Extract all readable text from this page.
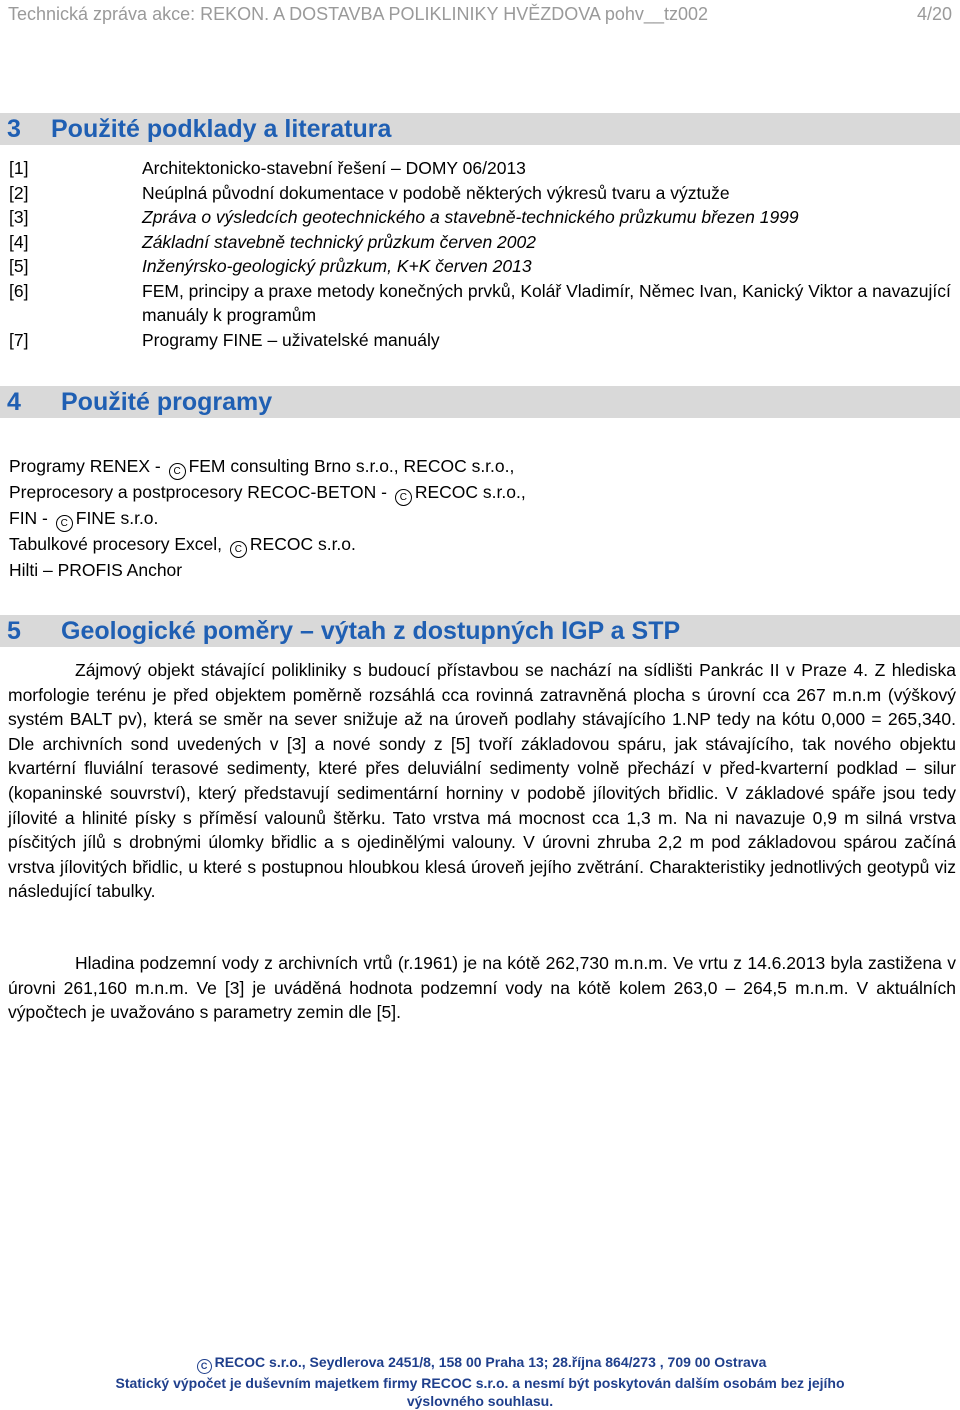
Technická zpráva akce: REKON. A DOSTAVBA POLIKLINIKY HVĚZDOVA pohv__tz002	4/20
3 Použité podklady a literatura
[1]	Architektonicko-stavební řešení – DOMY 06/2013
[2]	Neúplná původní dokumentace v podobě některých výkresů tvaru a výztuže
[3]	Zpráva o výsledcích geotechnického a stavebně-technického průzkumu březen 1999
[4]	Základní stavebně technický průzkum červen 2002
[5]	Inženýrsko-geologický průzkum, K+K červen 2013
[6]	FEM, principy a praxe metody konečných prvků, Kolář Vladimír, Němec Ivan, Kanický Viktor a navazující manuály k programům
[7]	Programy FINE – uživatelské manuály
4 Použité programy
Programy RENEX - C FEM consulting Brno s.r.o., RECOC s.r.o.,
Preprocesory a postprocesory RECOC-BETON - C RECOC s.r.o.,
FIN - C FINE s.r.o.
Tabulkové procesory Excel, C RECOC s.r.o.
Hilti – PROFIS Anchor
5 Geologické poměry – výtah z dostupných IGP a STP
Zájmový objekt stávající polikliniky s budoucí přístavbou se nachází na sídlišti Pankrác II v Praze 4. Z hlediska morfologie terénu je před objektem poměrně rozsáhlá cca rovinná zatravněná plocha s úrovní cca 267 m.n.m (výškový systém BALT pv), která se směr na sever snižuje až na úroveň podlahy stávajícího 1.NP tedy na kótu 0,000 = 265,340. Dle archivních sond uvedených v [3] a nové sondy z [5] tvoří základovou spáru, jak stávajícího, tak nového objektu kvartérní fluviální terasové sedimenty, které přes deluviální sedimenty volně přechází v před-kvarterní podklad – silur (kopaninské souvrství), který představují sedimentární horniny v podobě jílovitých břidlic. V základové spáře jsou tedy jílovité a hlinité písky s příměsí valounů štěrku. Tato vrstva má mocnost cca 1,3 m. Na ni navazuje 0,9 m silná vrstva písčitých jílů s drobnými úlomky břidlic a s ojedinělými valouny. V úrovni zhruba 2,2 m pod základovou spárou začíná vrstva jílovitých břidlic, u které s postupnou hloubkou klesá úroveň jejího zvětrání. Charakteristiky jednotlivých geotypů viz následující tabulky.
Hladina podzemní vody z archivních vrtů (r.1961) je na kótě 262,730 m.n.m. Ve vrtu z 14.6.2013 byla zastižena v úrovni 261,160 m.n.m. Ve [3] je uváděná hodnota podzemní vody na kótě kolem 263,0 – 264,5 m.n.m. V aktuálních výpočtech je uvažováno s parametry zemin dle [5].
C RECOC s.r.o., Seydlerova 2451/8, 158 00 Praha 13; 28.října 864/273 , 709 00 Ostrava
Statický výpočet je duševním majetkem firmy RECOC s.r.o. a nesmí být poskytován dalším osobám bez jejího výslovného souhlasu.
